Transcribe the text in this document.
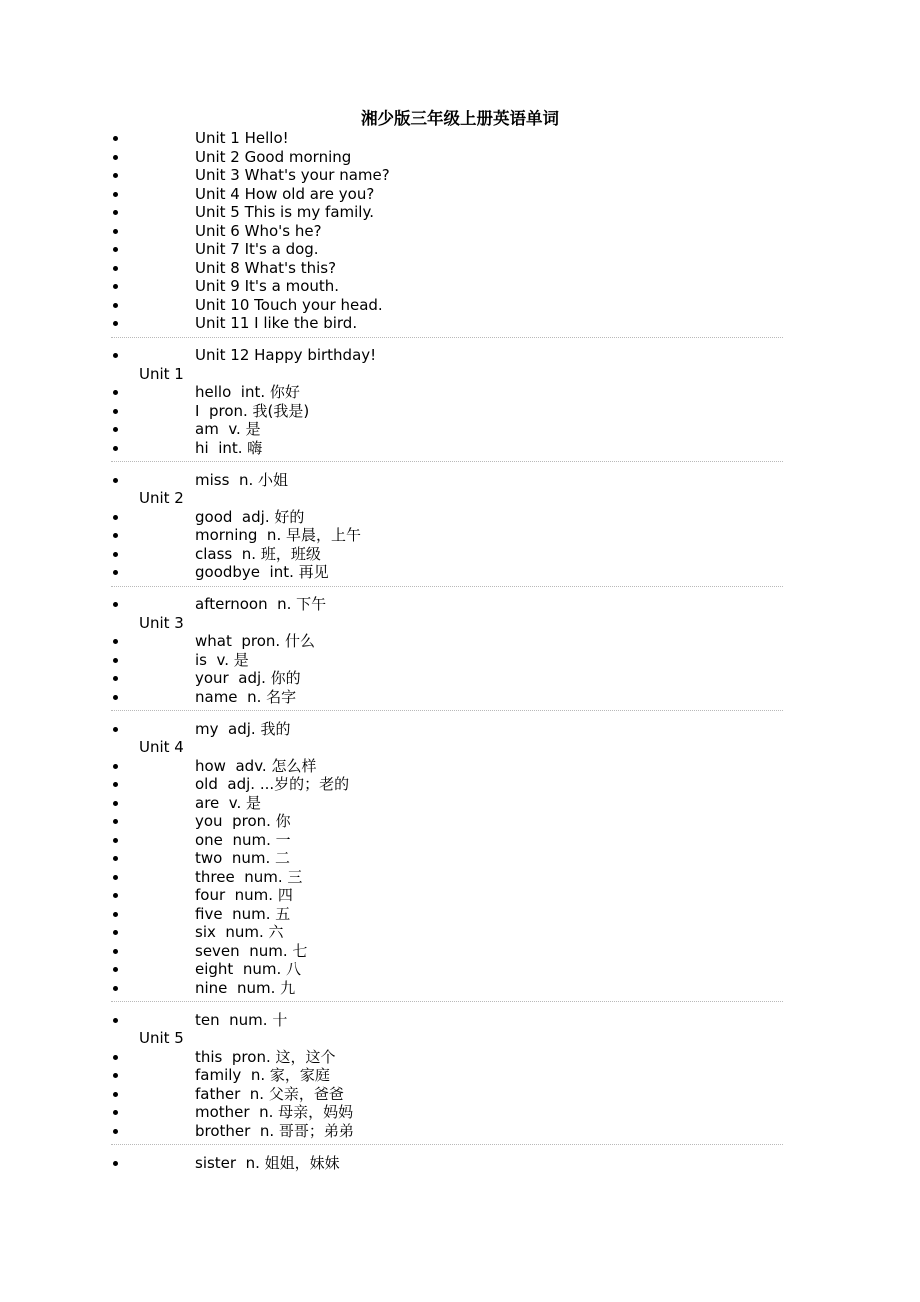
湘少版三年级上册英语单词
Unit 1 Hello!
Unit 2 Good morning
Unit 3 What's your name?
Unit 4 How old are you?
Unit 5 This is my family.
Unit 6 Who's he?
Unit 7 It's a dog.
Unit 8 What's this?
Unit 9 It's a mouth.
Unit 10 Touch your head.
Unit 11 I like the bird.
Unit 12 Happy birthday!
Unit 1
hello  int. 你好
I  pron. 我(我是)
am  v. 是
hi  int. 嗨
miss  n. 小姐
Unit 2
good  adj. 好的
morning  n. 早晨，上午
class  n. 班，班级
goodbye  int. 再见
afternoon  n. 下午
Unit 3
what  pron. 什么
is  v. 是
your  adj. 你的
name  n. 名字
my  adj. 我的
Unit 4
how  adv. 怎么样
old  adj. ...岁的；老的
are  v. 是
you  pron. 你
one  num. 一
two  num. 二
three  num. 三
four  num. 四
five  num. 五
six  num. 六
seven  num. 七
eight  num. 八
nine  num. 九
ten  num. 十
Unit 5
this  pron. 这，这个
family  n. 家，家庭
father  n. 父亲，爸爸
mother  n. 母亲，妈妈
brother  n. 哥哥；弟弟
sister  n. 姐姐，妹妹
